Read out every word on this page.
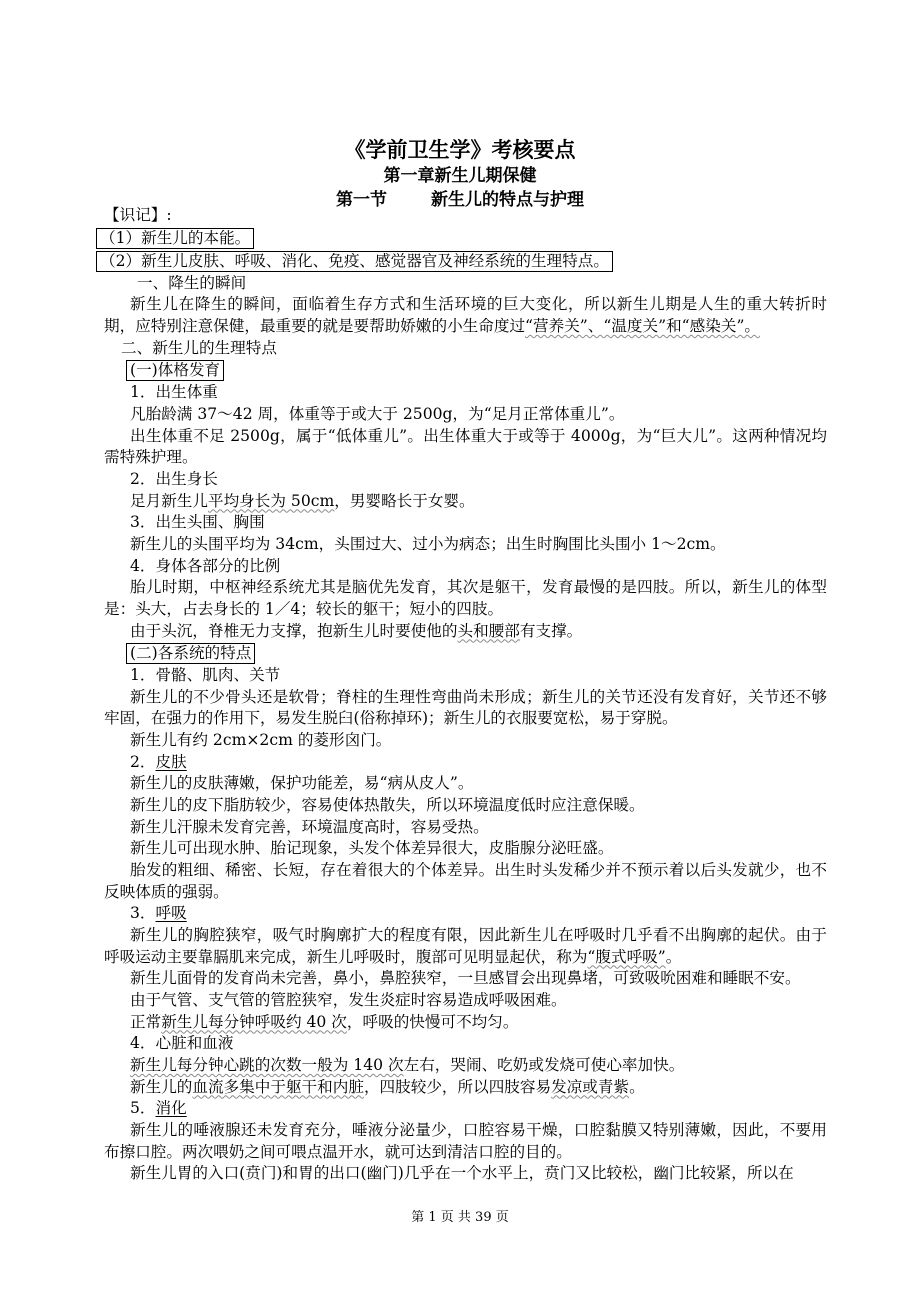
《学前卫生学》考核要点
第一章新生儿期保健
第一节	新生儿的特点与护理
【识记】:
（1）新生儿的本能。
（2）新生儿皮肤、呼吸、消化、免疫、感觉器官及神经系统的生理特点。
一、降生的瞬间
新生儿在降生的瞬间，面临着生存方式和生活环境的巨大变化，所以新生儿期是人生的重大转折时期，应特别注意保健，最重要的就是要帮助娇嫩的小生命度过“营养关”、“温度关”和“感染关”。
二、新生儿的生理特点
(一)体格发育
1．出生体重
凡胎龄满 37～42 周，体重等于或大于 2500g，为“足月正常体重儿”。
出生体重不足 2500g，属于“低体重儿”。出生体重大于或等于 4000g，为“巨大儿”。这两种情况均需特殊护理。
2．出生身长
足月新生儿平均身长为 50cm，男婴略长于女婴。
3．出生头围、胸围
新生儿的头围平均为 34cm，头围过大、过小为病态；出生时胸围比头围小 1～2cm。
4．身体各部分的比例
胎儿时期，中枢神经系统尤其是脑优先发育，其次是躯干，发育最慢的是四肢。所以，新生儿的体型是：头大，占去身长的 1／4；较长的躯干；短小的四肢。
由于头沉，脊椎无力支撑，抱新生儿时要使他的头和腰部有支撑。
(二)各系统的特点
1．骨骼、肌肉、关节
新生儿的不少骨头还是软骨；脊柱的生理性弯曲尚未形成；新生儿的关节还没有发育好，关节还不够牢固，在强力的作用下，易发生脱臼(俗称掉环)；新生儿的衣服要宽松，易于穿脱。
新生儿有约 2cm×2cm 的菱形囟门。
2．皮肤
新生儿的皮肤薄嫩，保护功能差，易“病从皮人”。
新生儿的皮下脂肪较少，容易使体热散失，所以环境温度低时应注意保暖。
新生儿汗腺未发育完善，环境温度高时，容易受热。
新生儿可出现水肿、胎记现象，头发个体差异很大，皮脂腺分泌旺盛。
胎发的粗细、稀密、长短，存在着很大的个体差异。出生时头发稀少并不预示着以后头发就少，也不反映体质的强弱。
3．呼吸
新生儿的胸腔狭窄，吸气时胸廓扩大的程度有限，因此新生儿在呼吸时几乎看不出胸廓的起伏。由于呼吸运动主要靠膈肌来完成，新生儿呼吸时，腹部可见明显起伏，称为“腹式呼吸”。
新生儿面骨的发育尚未完善，鼻小，鼻腔狭窄，一旦感冒会出现鼻堵，可致吸吮困难和睡眠不安。
由于气管、支气管的管腔狭窄，发生炎症时容易造成呼吸困难。
正常新生儿每分钟呼吸约 40 次，呼吸的快慢可不均匀。
4．心脏和血液
新生儿每分钟心跳的次数一般为 140 次左右，哭闹、吃奶或发烧可使心率加快。
新生儿的血流多集中于躯干和内脏，四肢较少，所以四肢容易发凉或青紫。
5．消化
新生儿的唾液腺还未发育充分，唾液分泌量少，口腔容易干燥，口腔黏膜又特别薄嫩，因此，不要用布擦口腔。两次喂奶之间可喂点温开水，就可达到清洁口腔的目的。
新生儿胃的入口(贲门)和胃的出口(幽门)几乎在一个水平上，贲门又比较松，幽门比较紧，所以在
第 1 页 共 39 页
